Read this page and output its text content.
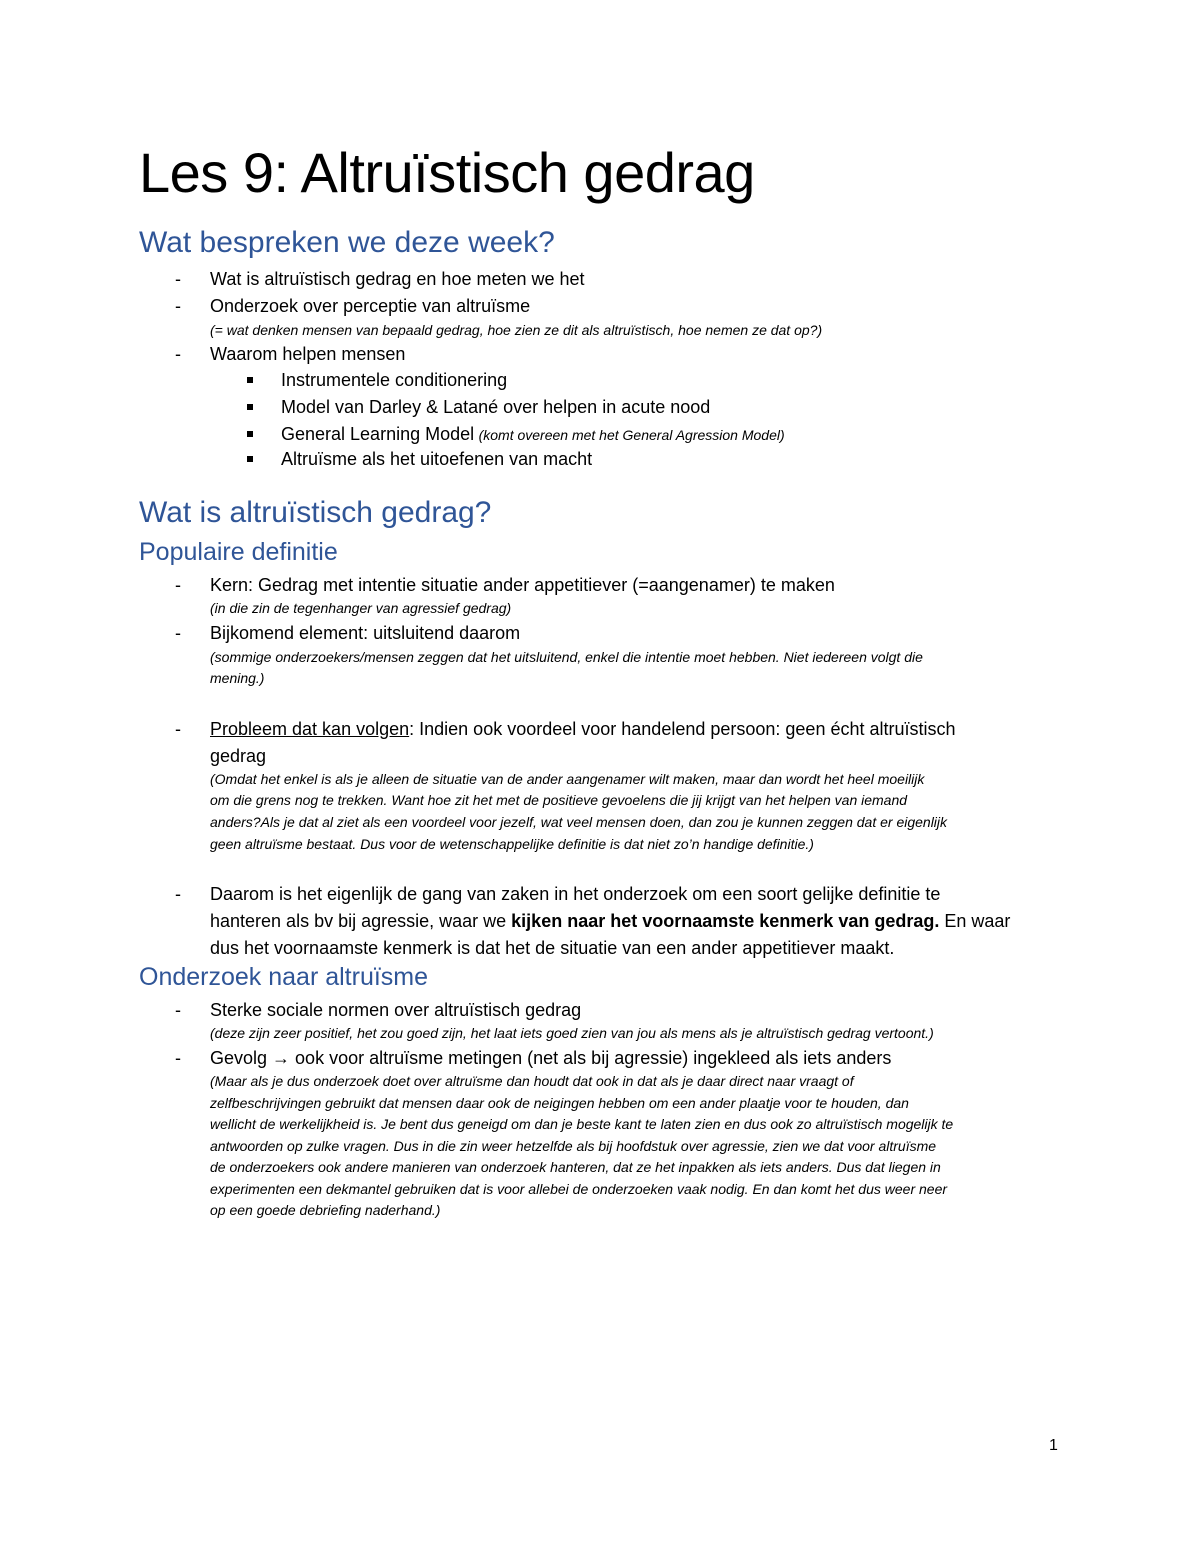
Les 9: Altruïstisch gedrag
Wat bespreken we deze week?
- Wat is altruïstisch gedrag en hoe meten we het
- Onderzoek over perceptie van altruïsme
(= wat denken mensen van bepaald gedrag, hoe zien ze dit als altruïstisch, hoe nemen ze dat op?)
- Waarom helpen mensen
Instrumentele conditionering
Model van Darley & Latané over helpen in acute nood
General Learning Model (komt overeen met het General Agression Model)
Altruïsme als het uitoefenen van macht
Wat is altruïstisch gedrag?
Populaire definitie
- Kern: Gedrag met intentie situatie ander appetitiever (=aangenamer) te maken
(in die zin de tegenhanger van agressief gedrag)
- Bijkomend element: uitsluitend daarom
(sommige onderzoekers/mensen zeggen dat het uitsluitend, enkel die intentie moet hebben. Niet iedereen volgt die
mening.)
- Probleem dat kan volgen: Indien ook voordeel voor handelend persoon: geen écht altruïstisch
gedrag
(Omdat het enkel is als je alleen de situatie van de ander aangenamer wilt maken, maar dan wordt het heel moeilijk
om die grens nog te trekken. Want hoe zit het met de positieve gevoelens die jij krijgt van het helpen van iemand
anders?Als je dat al ziet als een voordeel voor jezelf, wat veel mensen doen, dan zou je kunnen zeggen dat er eigenlijk
geen altruïsme bestaat. Dus voor de wetenschappelijke definitie is dat niet zo’n handige definitie.)
- Daarom is het eigenlijk de gang van zaken in het onderzoek om een soort gelijke definitie te
hanteren als bv bij agressie, waar we kijken naar het voornaamste kenmerk van gedrag. En waar
dus het voornaamste kenmerk is dat het de situatie van een ander appetitiever maakt.
Onderzoek naar altruïsme
- Sterke sociale normen over altruïstisch gedrag
(deze zijn zeer positief, het zou goed zijn, het laat iets goed zien van jou als mens als je altruïstisch gedrag vertoont.)
- Gevolg → ook voor altruïsme metingen (net als bij agressie) ingekleed als iets anders
(Maar als je dus onderzoek doet over altruïsme dan houdt dat ook in dat als je daar direct naar vraagt of
zelfbeschrijvingen gebruikt dat mensen daar ook de neigingen hebben om een ander plaatje voor te houden, dan
wellicht de werkelijkheid is. Je bent dus geneigd om dan je beste kant te laten zien en dus ook zo altruïstisch mogelijk te
antwoorden op zulke vragen. Dus in die zin weer hetzelfde als bij hoofdstuk over agressie, zien we dat voor altruïsme
de onderzoekers ook andere manieren van onderzoek hanteren, dat ze het inpakken als iets anders. Dus dat liegen in
experimenten een dekmantel gebruiken dat is voor allebei de onderzoeken vaak nodig. En dan komt het dus weer neer
op een goede debriefing naderhand.)
1
